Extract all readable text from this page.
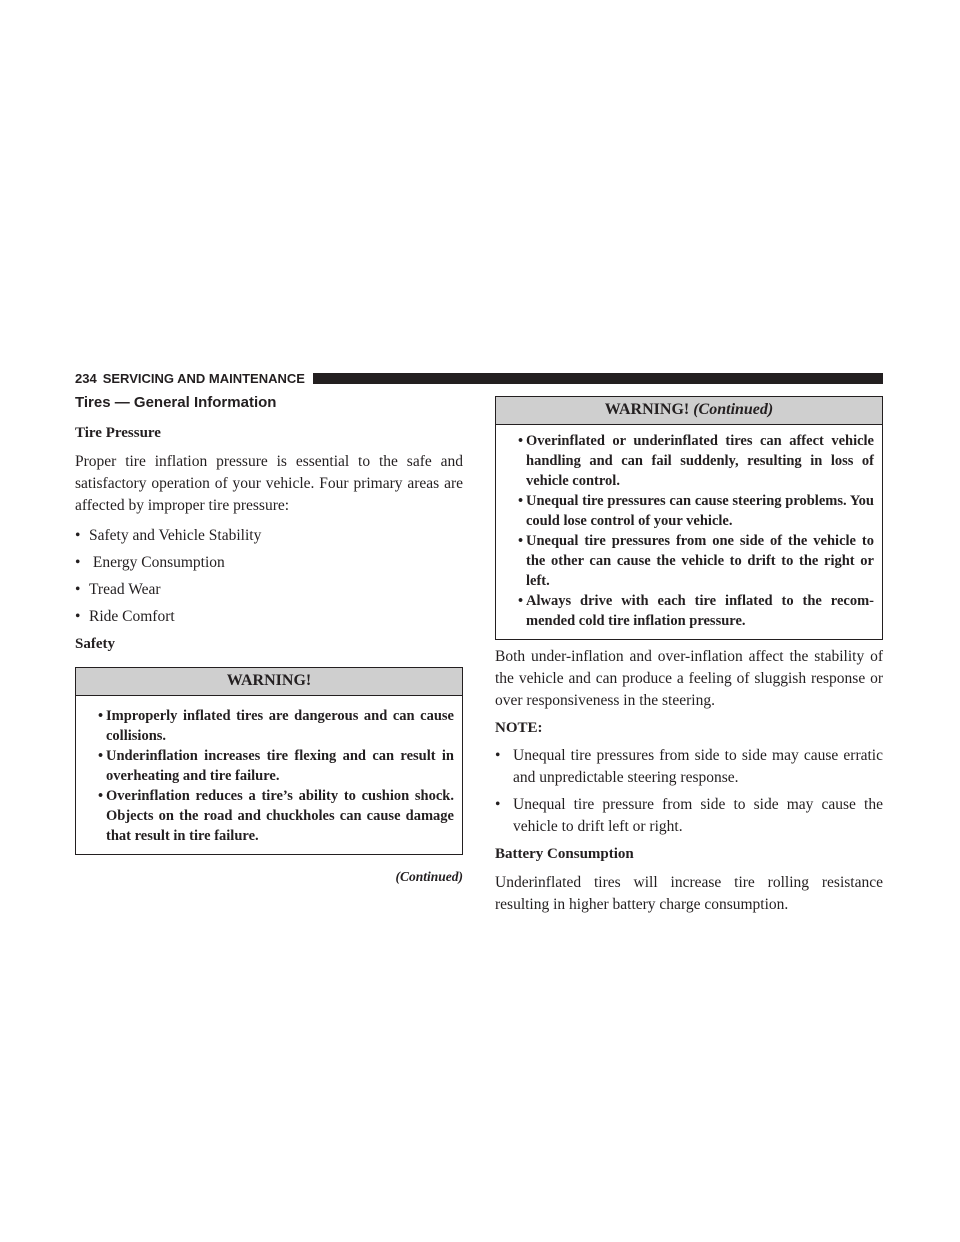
234 SERVICING AND MAINTENANCE
Tires — General Information
Tire Pressure

Proper tire inflation pressure is essential to the safe and satisfactory operation of your vehicle. Four primary areas are affected by improper tire pressure:

• Safety and Vehicle Stability
• Energy Consumption
• Tread Wear
• Ride Comfort
Safety
WARNING!
• Improperly inflated tires are dangerous and can cause collisions.
• Underinflation increases tire flexing and can result in overheating and tire failure.
• Overinflation reduces a tire’s ability to cushion shock. Objects on the road and chuckholes can cause damage that result in tire failure.
(Continued)
WARNING! (Continued)
• Overinflated or underinflated tires can affect vehicle handling and can fail suddenly, resulting in loss of vehicle control.
• Unequal tire pressures can cause steering problems. You could lose control of your vehicle.
• Unequal tire pressures from one side of the vehicle to the other can cause the vehicle to drift to the right or left.
• Always drive with each tire inflated to the recom- mended cold tire inflation pressure.

Both under-inflation and over-inflation affect the stability of the vehicle and can produce a feeling of sluggish response or over responsiveness in the steering.

NOTE:
• Unequal tire pressures from side to side may cause erratic and unpredictable steering response.
• Unequal tire pressure from side to side may cause the vehicle to drift left or right.
Battery Consumption

Underinflated tires will increase tire rolling resistance resulting in higher battery charge consumption.
